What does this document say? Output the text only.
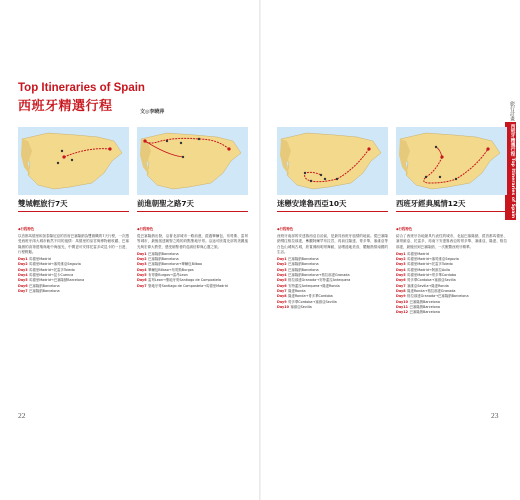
Top Itineraries of Spain
西班牙精選行程	文◎李曉萍	旅行計畫
西班牙精選行程 Top Itineraries of Spain
雙城輕旅行7天
◆行程特色
以首都馬德里和加泰隆尼亞的首府巴塞隆納為雙旗幟的7天行程，一次感受西班牙兩大城市截然不同的風情：馬德里的皇宮與博物館收藏、巴塞隆納的高第建築與地中海風光，中間更可安排托雷多或昆卡的一日遊，行程輕鬆。
Day1 馬德里Madrid
Day2 馬德里Madrid→塞哥維亞Segovia
Day3 馬德里Madrid→托雷多Toledo
Day4 馬德里Madrid→昆卡Cuenca
Day5 馬德里Madrid→巴塞隆納Barcelona
Day6 巴塞隆納Barcelona
Day7 巴塞隆納Barcelona
前進朝聖之路7天
◆行程特色
從巴塞隆納出發，沿著北部城市一路前進，經過畢爾包、布哥斯、雷昂等城市，最後抵達朝聖之路的終點聖地牙哥。沿途可欣賞北部的美麗風光與宏偉大教堂，感受朝聖者的虔誠信仰與心靈之旅。
Day1 巴塞隆納Barcelona
Day2 巴塞隆納Barcelona
Day3 巴塞隆納Barcelona→畢爾包Bilbao
Day4 畢爾包Bilbao→布哥斯Burgos
Day5 布哥斯Burgos→雷昂Leon
Day6 雷昂Leon→聖地牙哥Santiago de Compostela
Day7 聖地牙哥Santiago de Compostela→馬德里Madrid
迷戀安達魯西亞10天
◆行程特色
西班牙南部的安達魯西亞自治區，是最具西班牙風情的地區。從巴塞隆納飛往格拉那達，參觀阿爾罕布拉宮，再前往隆達、哥多華、塞維亞等白色山城與古城，欣賞佛朗明哥舞蹈，品嚐道地美食，體驗熱情南國的生活。
Day1 巴塞隆納Barcelona
Day2 巴塞隆納Barcelona
Day3 巴塞隆納Barcelona
Day4 巴塞隆納Barcelona→格拉那達Granada
Day5 格拉那達Granada→安特蓋拉Antequera
Day6 安特蓋拉Antequera→隆達Ronda
Day7 隆達Ronda
Day8 隆達Ronda→哥多華Cordoba
Day9 哥多華Cordoba→塞維亞Sevilla
Day10 塞維亞Sevilla
西班牙經典風情12天
◆行程特色
結合了西班牙各地最具代表性的城市，北起巴塞隆納，經首都馬德里、塞哥維亞、托雷多，再南下安達魯西亞的哥多華、塞維亞、隆達、格拉那達，最後回到巴塞隆納，一次飽覽西班牙精華。
Day1 馬德里Madrid
Day2 馬德里Madrid→塞哥維亞Segovia
Day3 馬德里Madrid→托雷多Toledo
Day4 馬德里Madrid→阿維拉Avila
Day5 馬德里Madrid→哥多華Cordoba
Day6 哥多華Cordoba→塞維亞Sevilla
Day7 塞維亞Sevilla→隆達Ronda
Day8 隆達Ronda→格拉那達Granada
Day9 格拉那達Granada→巴塞隆納Barcelona
Day10 巴塞隆納Barcelona
Day11 巴塞隆納Barcelona
Day12 巴塞隆納Barcelona
22	23
